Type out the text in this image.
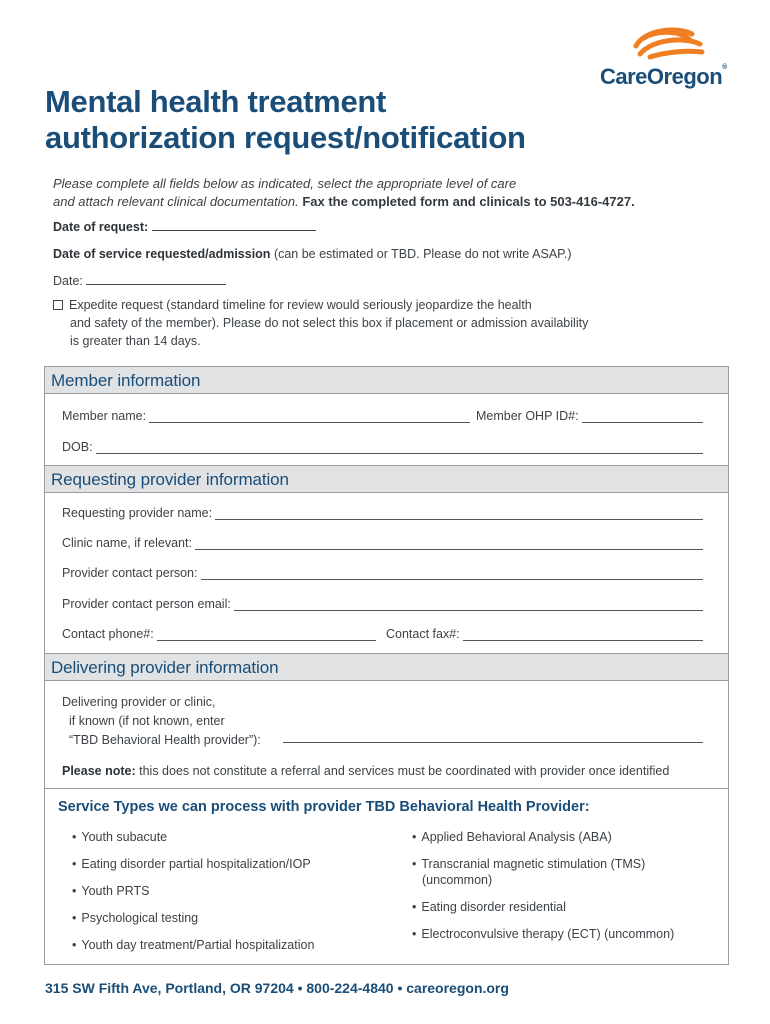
CareOregon®
Mental health treatment
authorization request/notification
Please complete all fields below as indicated, select the appropriate level of care
and attach relevant clinical documentation. Fax the completed form and clinicals to 503-416-4727.
Date of request:
Date of service requested/admission (can be estimated or TBD. Please do not write ASAP.)
Date:
Expedite request (standard timeline for review would seriously jeopardize the health
and safety of the member). Please do not select this box if placement or admission availability
is greater than 14 days.
Member information
Member name:	Member OHP ID#:
DOB:
Requesting provider information
Requesting provider name:
Clinic name, if relevant:
Provider contact person:
Provider contact person email:
Contact phone#:	Contact fax#:
Delivering provider information
Delivering provider or clinic,
if known (if not known, enter
“TBD Behavioral Health provider”):
Please note: this does not constitute a referral and services must be coordinated with provider once identified
Service Types we can process with provider TBD Behavioral Health Provider:
• Youth subacute
• Eating disorder partial hospitalization/IOP
• Youth PRTS
• Psychological testing
• Youth day treatment/Partial hospitalization
• Applied Behavioral Analysis (ABA)
• Transcranial magnetic stimulation (TMS)
(uncommon)
• Eating disorder residential
• Electroconvulsive therapy (ECT) (uncommon)
315 SW Fifth Ave, Portland, OR 97204 • 800-224-4840 • careoregon.org
